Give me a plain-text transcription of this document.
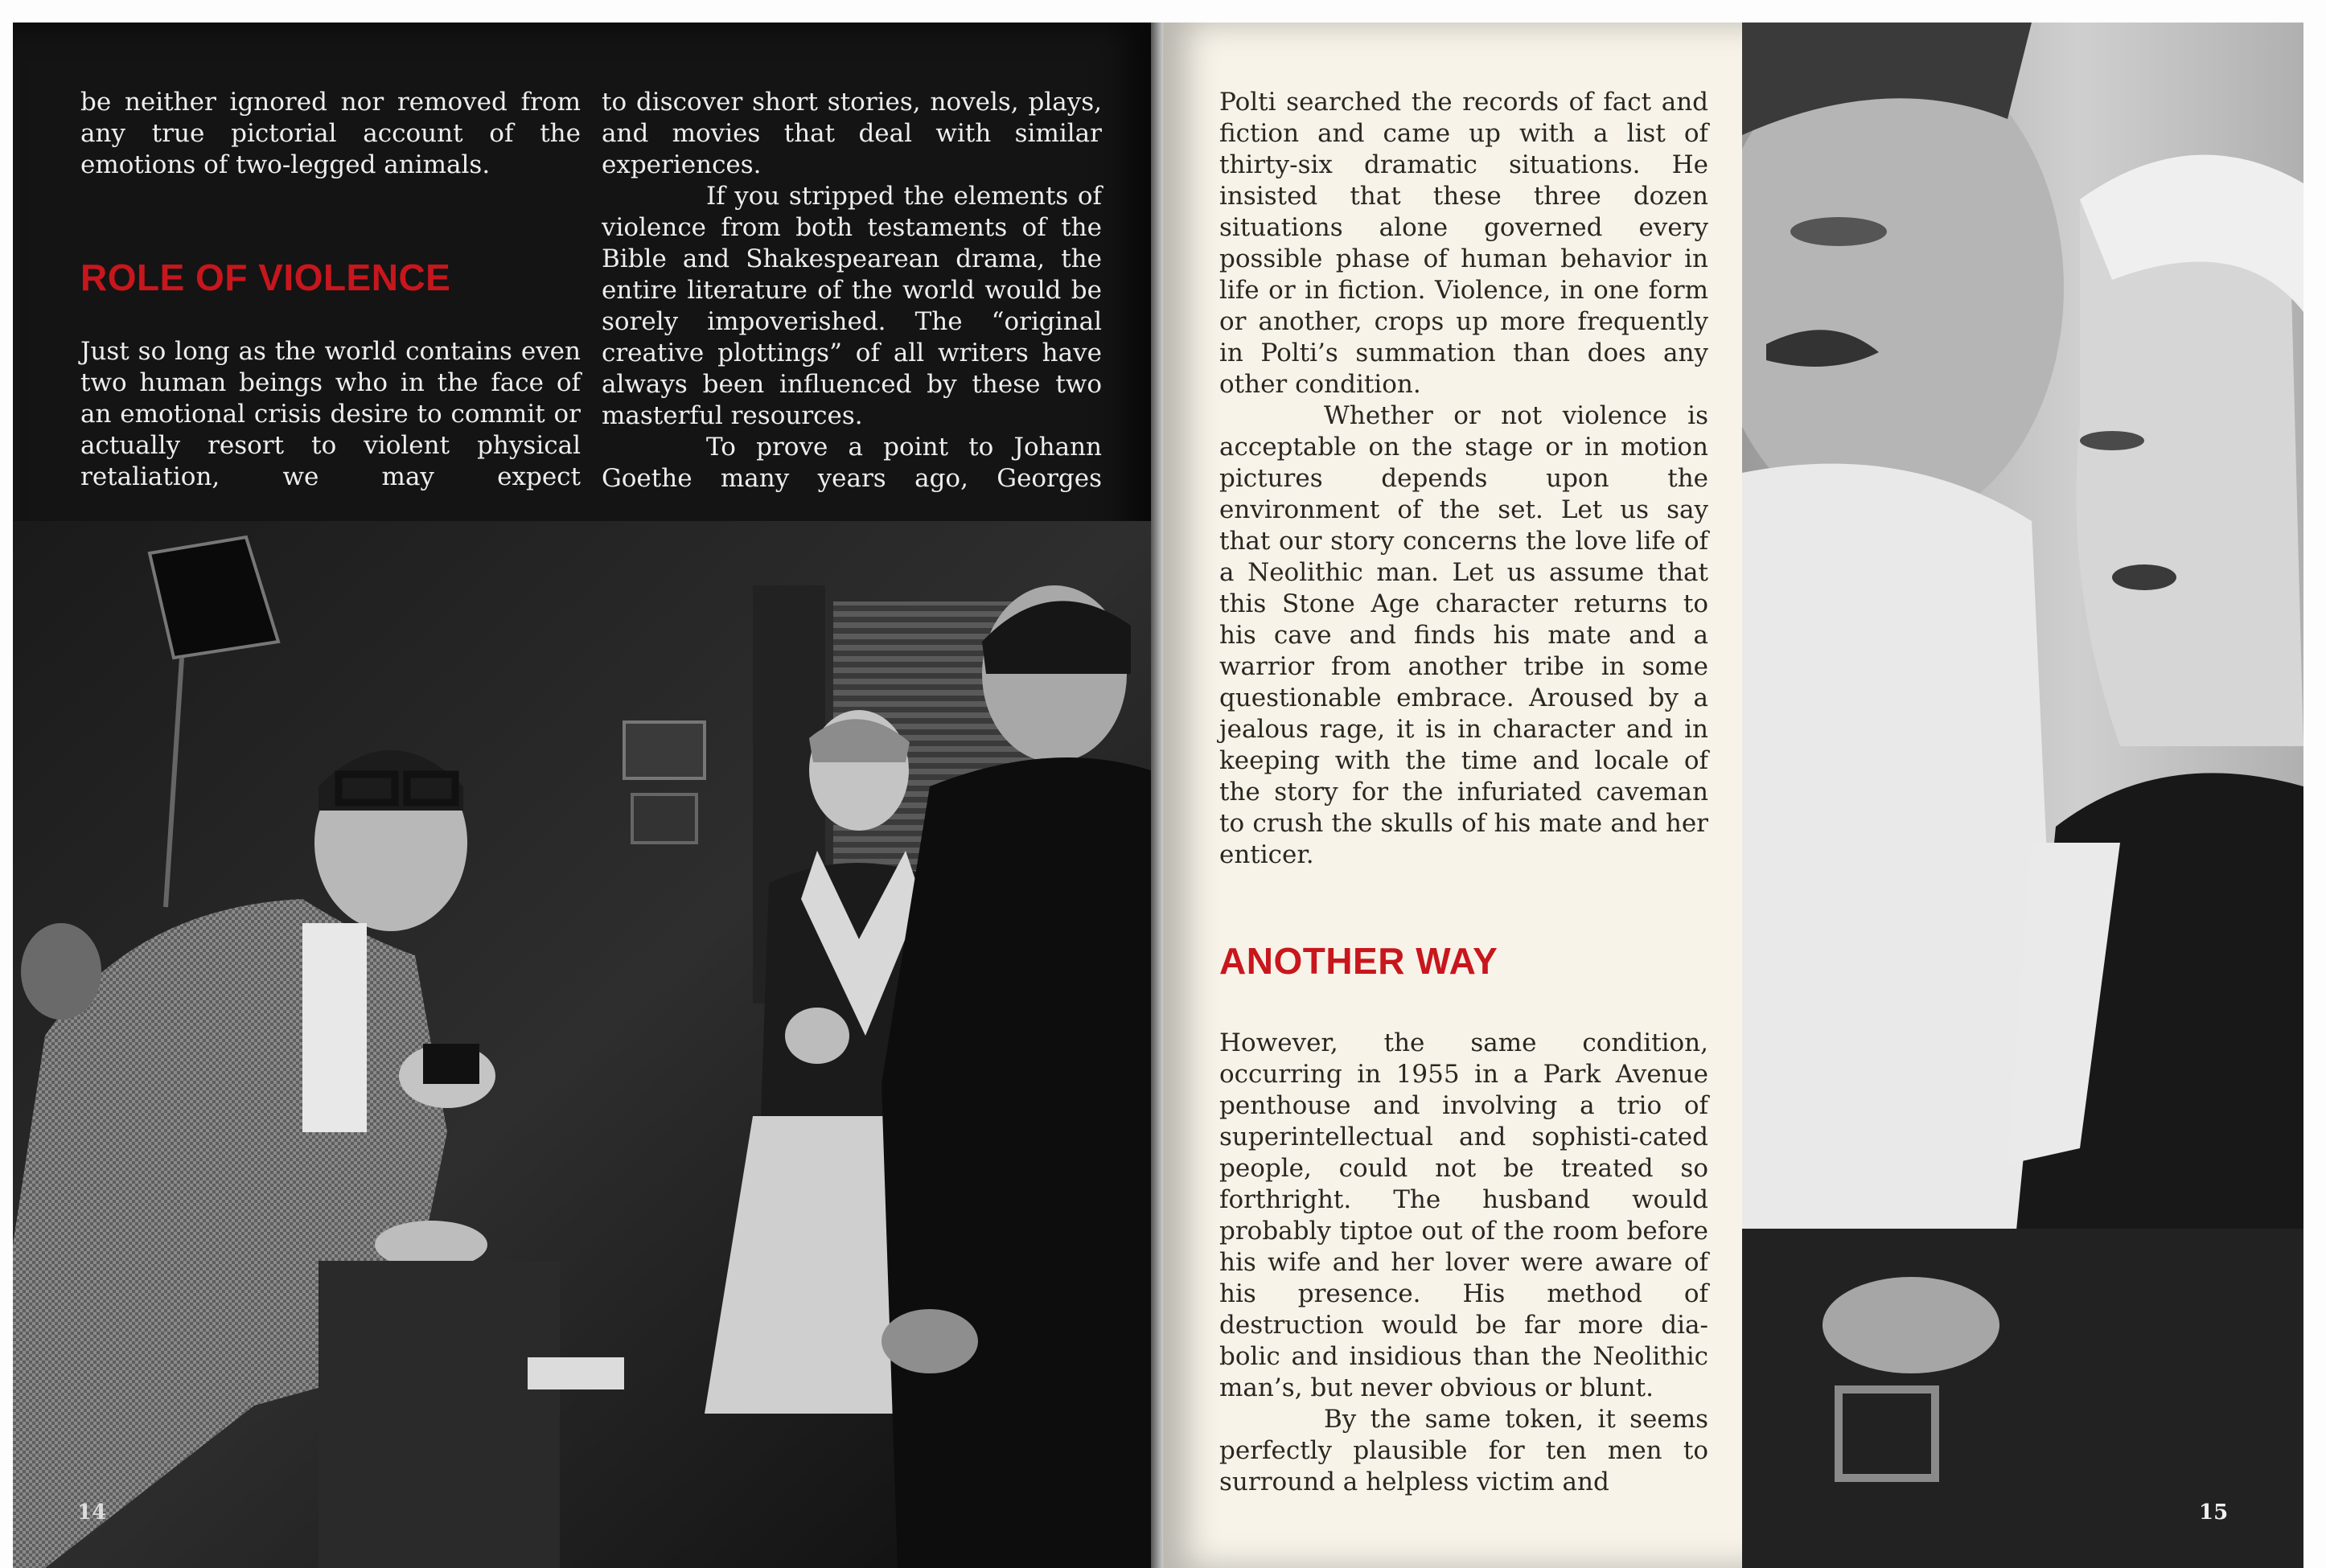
be neither ignored nor removed from any true pictorial account of the emotions of two-legged animals.

ROLE OF VIOLENCE

Just so long as the world contains even two human beings who in the face of an emotional crisis desire to commit or actually resort to violent physical retaliation, we may expect

to discover short stories, novels, plays, and movies that deal with similar experiences.

If you stripped the elements of violence from both testaments of the Bible and Shakespearean drama, the entire literature of the world would be sorely impoverished. The “original creative plottings” of all writers have always been influenced by these two masterful resources.

To prove a point to Johann Goethe many years ago, Georges

14

Polti searched the records of fact and fiction and came up with a list of thirty-six dramatic situations. He insisted that these three dozen situations alone governed every possible phase of human behavior in life or in fiction. Violence, in one form or another, crops up more frequently in Polti’s summation than does any other condition.

Whether or not violence is acceptable on the stage or in motion pictures depends upon the environment of the set. Let us say that our story concerns the love life of a Neolithic man. Let us assume that this Stone Age character returns to his cave and finds his mate and a warrior from another tribe in some questionable embrace. Aroused by a jealous rage, it is in character and in keeping with the time and locale of the story for the infuriated caveman to crush the skulls of his mate and her enticer.

ANOTHER WAY

However, the same condition, occurring in 1955 in a Park Avenue penthouse and involving a trio of superintellectual and sophisti-cated people, could not be treated so forthright. The husband would probably tiptoe out of the room before his wife and her lover were aware of his presence. His method of destruction would be far more dia-bolic and insidious than the Neolithic man’s, but never obvious or blunt.

By the same token, it seems perfectly plausible for ten men to surround a helpless victim and

15
